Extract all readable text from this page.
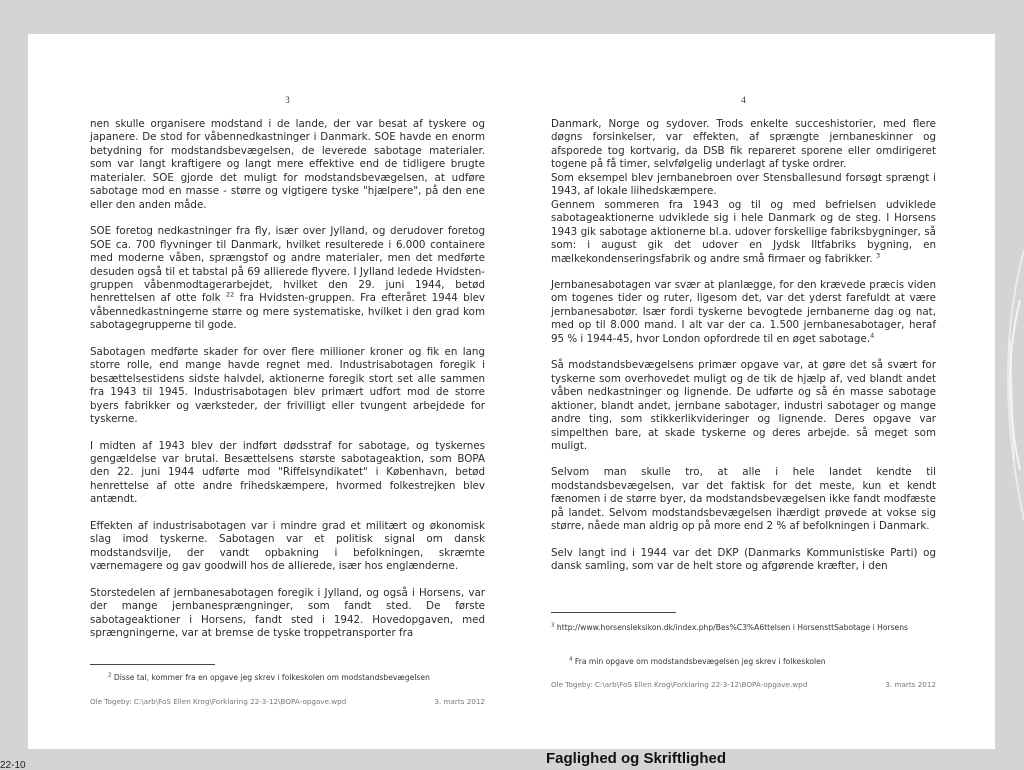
3

nen skulle organisere modstand i de lande, der var besat af tyskere og japanere. De stod for våbennedkastninger i Danmark. SOE havde en enorm betydning for modstandsbevægelsen, de leverede sabotage materialer. som var langt kraftigere og langt mere effektive end de tidligere brugte materialer. SOE gjorde det muligt for modstandsbevægelsen, at udføre sabotage mod en masse - større og vigtigere tyske "hjælpere", på den ene eller den anden måde.

SOE foretog nedkastninger fra fly, især over Jylland, og derudover foretog SOE ca. 700 flyvninger til Danmark, hvilket resulterede i 6.000 containere med moderne våben, sprængstof og andre materialer, men det medførte desuden også til et tabstal på 69 allierede flyvere. I Jylland ledede Hvidsten-gruppen våbenmodtagerarbejdet, hvilket den 29. juni 1944, betød henrettelsen af otte folk $^{22}$ fra Hvidsten-gruppen. Fra efteråret 1944 blev våbennedkastningerne større og mere systematiske, hvilket i den grad kom sabotagegrupperne til gode.

Sabotagen medførte skader for over flere millioner kroner og fik en lang storre rolle, end mange havde regnet med. Industrisabotagen foregik i besættelsestidens sidste halvdel, aktionerne foregik stort set alle sammen fra 1943 til 1945. Industrisabotagen blev primært udfort mod de storre byers fabrikker og værksteder, der frivilligt eller tvungent arbejdede for tyskerne.

I midten af 1943 blev der indført dødsstraf for sabotage, og tyskernes gengældelse var brutal. Besættelsens største sabotageaktion, som BOPA den 22. juni 1944 udførte mod "Riffelsyndikatet" i København, betød henrettelse af otte andre frihedskæmpere, hvormed folkestrejken blev antændt.

Effekten af industrisabotagen var i mindre grad et militært og økonomisk slag imod tyskerne. Sabotagen var et politisk signal om dansk modstandsvilje, der vandt opbakning i befolkningen, skræmte værnemagere og gav goodwill hos de allierede, især hos englænderne.

Storstedelen af jernbanesabotagen foregik i Jylland, og også i Horsens, var der mange jernbanesprængninger, som fandt sted. De første sabotageaktioner i Horsens, fandt sted i 1942. Hovedopgaven, med sprængningerne, var at bremse de tyske troppetransporter fra

$^2$ Disse tal, kommer fra en opgave jeg skrev i folkeskolen om modstandsbevægelsen
Ole Togeby: C:\arb\FoS Ellen Krog\Forklaring 22-3-12\BOPA-opgave.wpd	3. marts 2012
4

Danmark, Norge og sydover. Trods enkelte succeshistorier, med flere døgns forsinkelser, var effekten, af sprængte jernbaneskinner og afsporede tog kortvarig, da DSB fik repareret sporene eller omdirigeret togene på få timer, selvfølgelig underlagt af tyske ordrer.

Som eksempel blev jernbanebroen over Stensballesund forsøgt sprængt i 1943, af lokale liihedskæmpere.

Gennem sommeren fra 1943 og til og med befrielsen udviklede sabotageaktionerne udviklede sig i hele Danmark og de steg. I Horsens 1943 gik sabotage aktionerne bl.a. udover forskellige fabriksbygninger, så som: i august gik det udover en Jydsk Iltfabriks bygning, en mælkekondenseringsfabrik og andre små firmaer og fabrikker. $^3$

Jernbanesabotagen var svær at planlægge, for den krævede præcis viden om togenes tider og ruter, ligesom det, var det yderst farefuldt at være jernbanesabotør. Især fordi tyskerne bevogtede jernbanerne dag og nat, med op til 8.000 mand. I alt var der ca. 1.500 jernbanesabotager, heraf 95 % i 1944-45, hvor London opfordrede til en øget sabotage.$^4$

Så modstandsbevægelsens primær opgave var, at gøre det så svært for tyskerne som overhovedet muligt og de tik de hjælp af, ved blandt andet våben nedkastninger og lignende. De udførte og så én masse sabotage aktioner, blandt andet, jernbane sabotager, industri sabotager og mange andre ting, som stikkerlikvideringer og lignende. Deres opgave var simpelthen bare, at skade tyskerne og deres arbejde. så meget som muligt.

Selvom man skulle tro, at alle i hele landet kendte til modstandsbevægelsen, var det faktisk for det meste, kun et kendt fænomen i de større byer, da modstandsbevægelsen ikke fandt modfæste på landet. Selvom modstandsbevægelsen ihærdigt prøvede at vokse sig større, nåede man aldrig op på more end 2 % af befolkningen i Danmark.

Selv langt ind i 1944 var det DKP (Danmarks Kommunistiske Parti) og dansk samling, som var de helt store og afgørende kræfter, i den

$^3$ http://www.horsensleksikon.dk/index.php/Bes%C3%A6ttelsen i HorsensttSabotage i Horsens
$^4$ Fra min opgave om modstandsbevægelsen jeg skrev i folkeskolen
Ole Togeby: C:\arb\FoS Ellen Krog\Forklaring 22-3-12\BOPA-opgave.wpd	3. marts 2012
Faglighed og Skriftlighed
22-10
